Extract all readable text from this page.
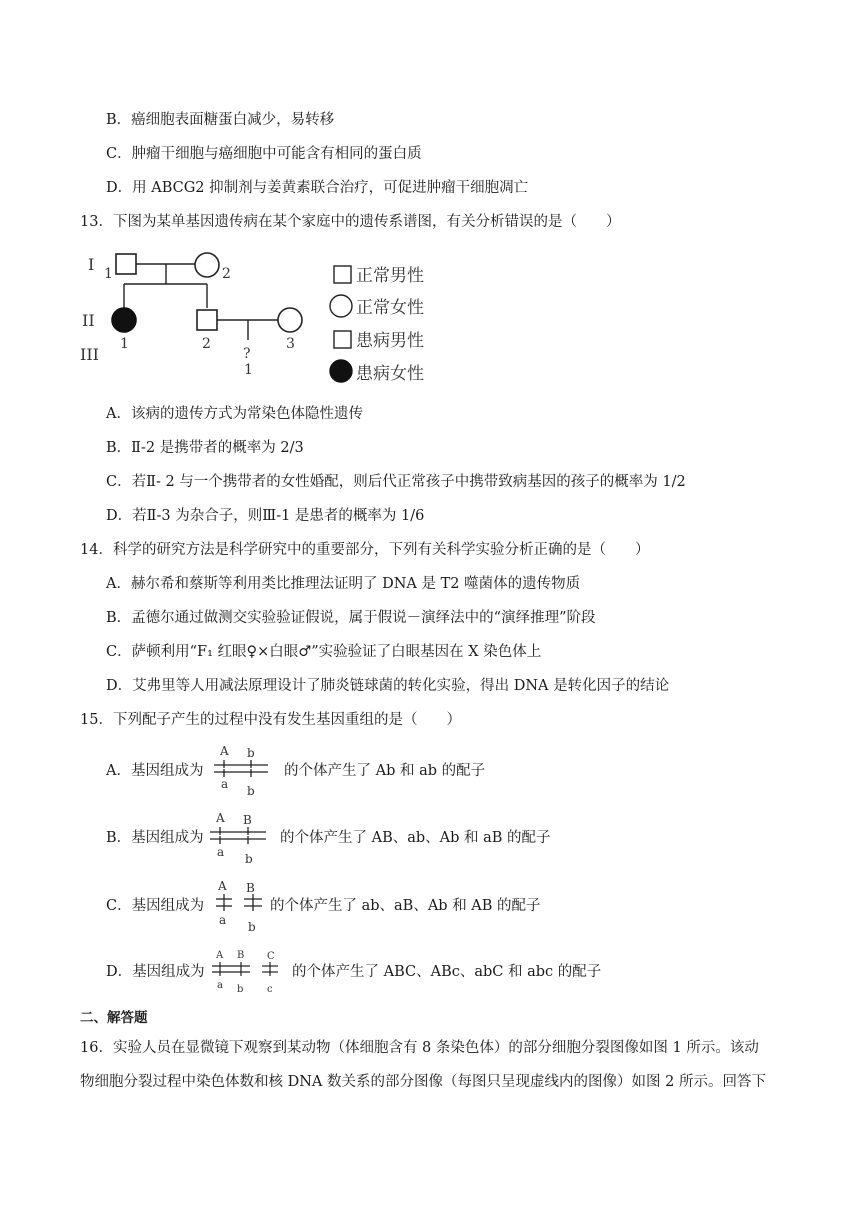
B．癌细胞表面糖蛋白减少，易转移
C．肿瘤干细胞与癌细胞中可能含有相同的蛋白质
D．用 ABCG2 抑制剂与姜黄素联合治疗，可促进肿瘤干细胞凋亡
13．下图为某单基因遗传病在某个家庭中的遗传系谱图，有关分析错误的是（　　）
I
II
III
1	2
1	2	3
?
1
正常男性
正常女性
患病男性
患病女性
A．该病的遗传方式为常染色体隐性遗传
B．Ⅱ-2 是携带者的概率为 2/3
C．若Ⅱ- 2 与一个携带者的女性婚配，则后代正常孩子中携带致病基因的孩子的概率为 1/2
D．若Ⅱ-3 为杂合子，则Ⅲ-1 是患者的概率为 1/6
14．科学的研究方法是科学研究中的重要部分，下列有关科学实验分析正确的是（　　）
A．赫尔希和蔡斯等利用类比推理法证明了 DNA 是 T2 噬菌体的遗传物质
B．孟德尔通过做测交实验验证假说，属于假说－演绎法中的“演绎推理”阶段
C．萨顿利用“F₁ 红眼♀×白眼♂”实验验证了白眼基因在 X 染色体上
D．艾弗里等人用减法原理设计了肺炎链球菌的转化实验，得出 DNA 是转化因子的结论
15．下列配子产生的过程中没有发生基因重组的是（　　）
A．基因组成为
A b
a b
的个体产生了 Ab 和 ab 的配子
B．基因组成为
A B
a b
的个体产生了 AB、ab、Ab 和 aB 的配子
C．基因组成为
A B
a b
的个体产生了 ab、aB、Ab 和 AB 的配子
D．基因组成为
A B C
a b c
的个体产生了 ABC、ABc、abC 和 abc 的配子
二、解答题
16．实验人员在显微镜下观察到某动物（体细胞含有 8 条染色体）的部分细胞分裂图像如图 1 所示。该动
物细胞分裂过程中染色体数和核 DNA 数关系的部分图像（每图只呈现虚线内的图像）如图 2 所示。回答下
